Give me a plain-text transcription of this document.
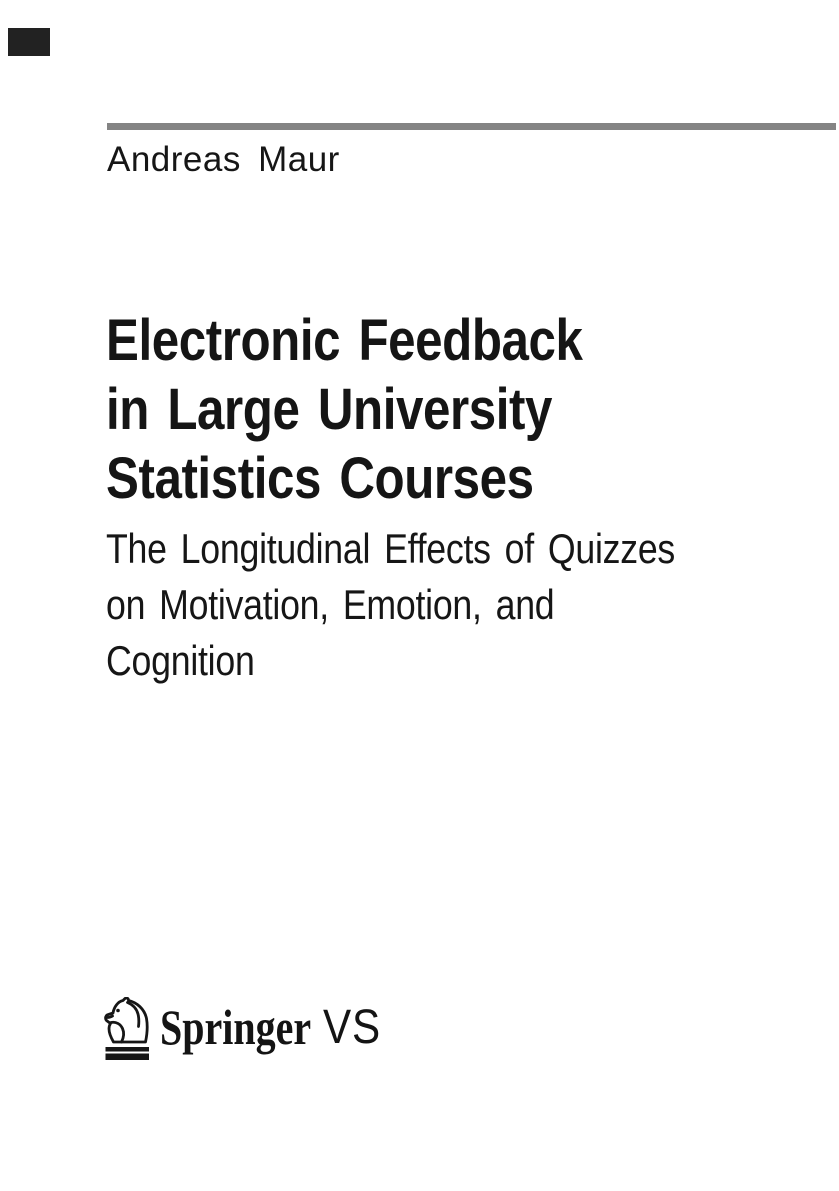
Andreas Maur
Electronic Feedback
in Large University
Statistics Courses
The Longitudinal Effects of Quizzes
on Motivation, Emotion, and
Cognition
Springer VS
